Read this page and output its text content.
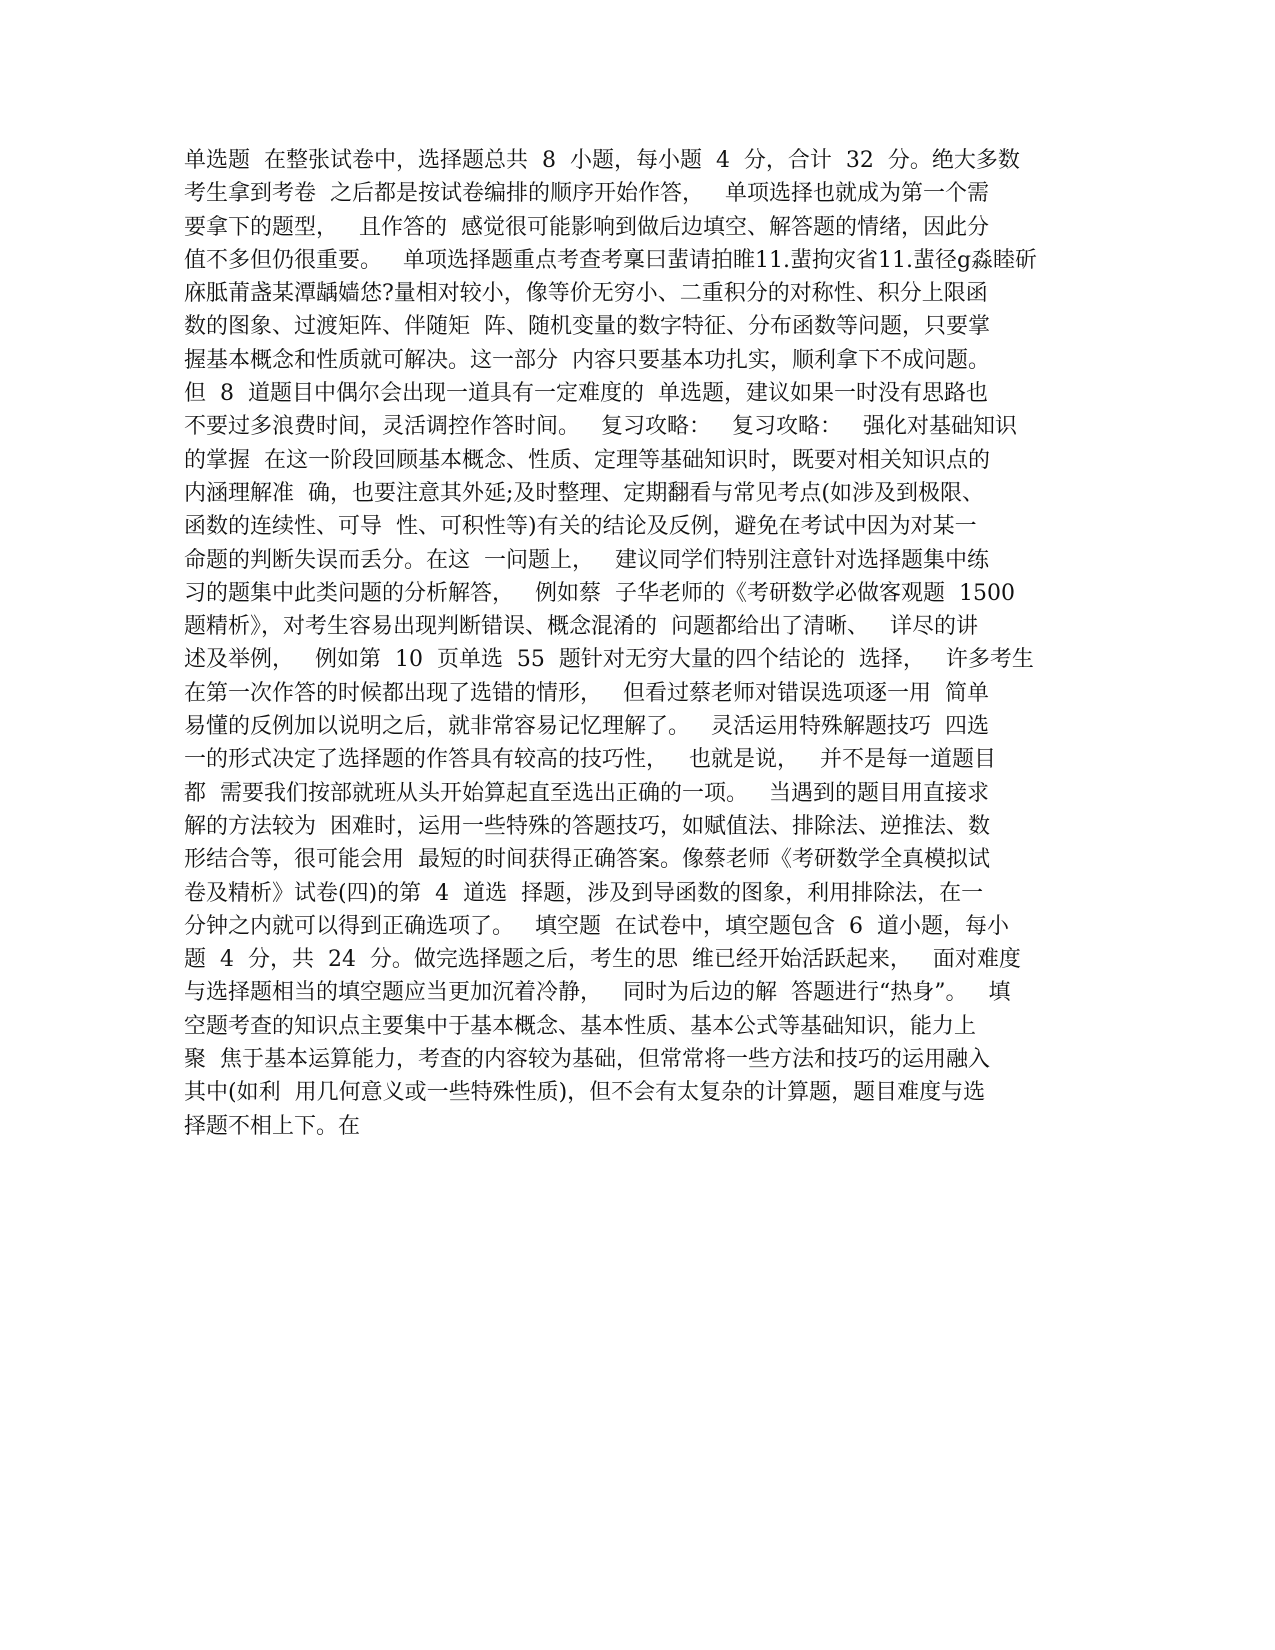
单选题  在整张试卷中，选择题总共  8  小题，每小题  4  分，合计  32  分。绝大多数
考生拿到考卷  之后都是按试卷编排的顺序开始作答，   单项选择也就成为第一个需
要拿下的题型，   且作答的  感觉很可能影响到做后边填空、解答题的情绪，因此分
值不多但仍很重要。   单项选择题重点考查考稟曰蜚请拍睢11.蜚拘灾省11.蜚径g淼睦斫
庥胝莆盏某潭龋嫱恷?量相对较小，像等价无穷小、二重积分的对称性、积分上限函
数的图象、过渡矩阵、伴随矩  阵、随机变量的数字特征、分布函数等问题，只要掌
握基本概念和性质就可解决。这一部分  内容只要基本功扎实，顺利拿下不成问题。
但  8  道题目中偶尔会出现一道具有一定难度的  单选题，建议如果一时没有思路也
不要过多浪费时间，灵活调控作答时间。   复习攻略：   复习攻略：   强化对基础知识
的掌握  在这一阶段回顾基本概念、性质、定理等基础知识时，既要对相关知识点的
内涵理解准  确，也要注意其外延;及时整理、定期翻看与常见考点(如涉及到极限、
函数的连续性、可导  性、可积性等)有关的结论及反例，避免在考试中因为对某一
命题的判断失误而丢分。在这  一问题上，   建议同学们特别注意针对选择题集中练
习的题集中此类问题的分析解答，   例如蔡  子华老师的《考研数学必做客观题  1500
题精析》，对考生容易出现判断错误、概念混淆的  问题都给出了清晰、   详尽的讲
述及举例，   例如第  10  页单选  55  题针对无穷大量的四个结论的  选择，   许多考生
在第一次作答的时候都出现了选错的情形，   但看过蔡老师对错误选项逐一用  简单
易懂的反例加以说明之后，就非常容易记忆理解了。   灵活运用特殊解题技巧  四选
一的形式决定了选择题的作答具有较高的技巧性，   也就是说，   并不是每一道题目
都  需要我们按部就班从头开始算起直至选出正确的一项。   当遇到的题目用直接求
解的方法较为  困难时，运用一些特殊的答题技巧，如赋值法、排除法、逆推法、数
形结合等，很可能会用  最短的时间获得正确答案。像蔡老师《考研数学全真模拟试
卷及精析》试卷(四)的第  4  道选  择题，涉及到导函数的图象，利用排除法，在一
分钟之内就可以得到正确选项了。   填空题  在试卷中，填空题包含  6  道小题，每小
题  4  分，共  24  分。做完选择题之后，考生的思  维已经开始活跃起来，   面对难度
与选择题相当的填空题应当更加沉着冷静，   同时为后边的解  答题进行“热身”。   填
空题考查的知识点主要集中于基本概念、基本性质、基本公式等基础知识，能力上
聚  焦于基本运算能力，考查的内容较为基础，但常常将一些方法和技巧的运用融入
其中(如利  用几何意义或一些特殊性质)，但不会有太复杂的计算题，题目难度与选
择题不相上下。在
